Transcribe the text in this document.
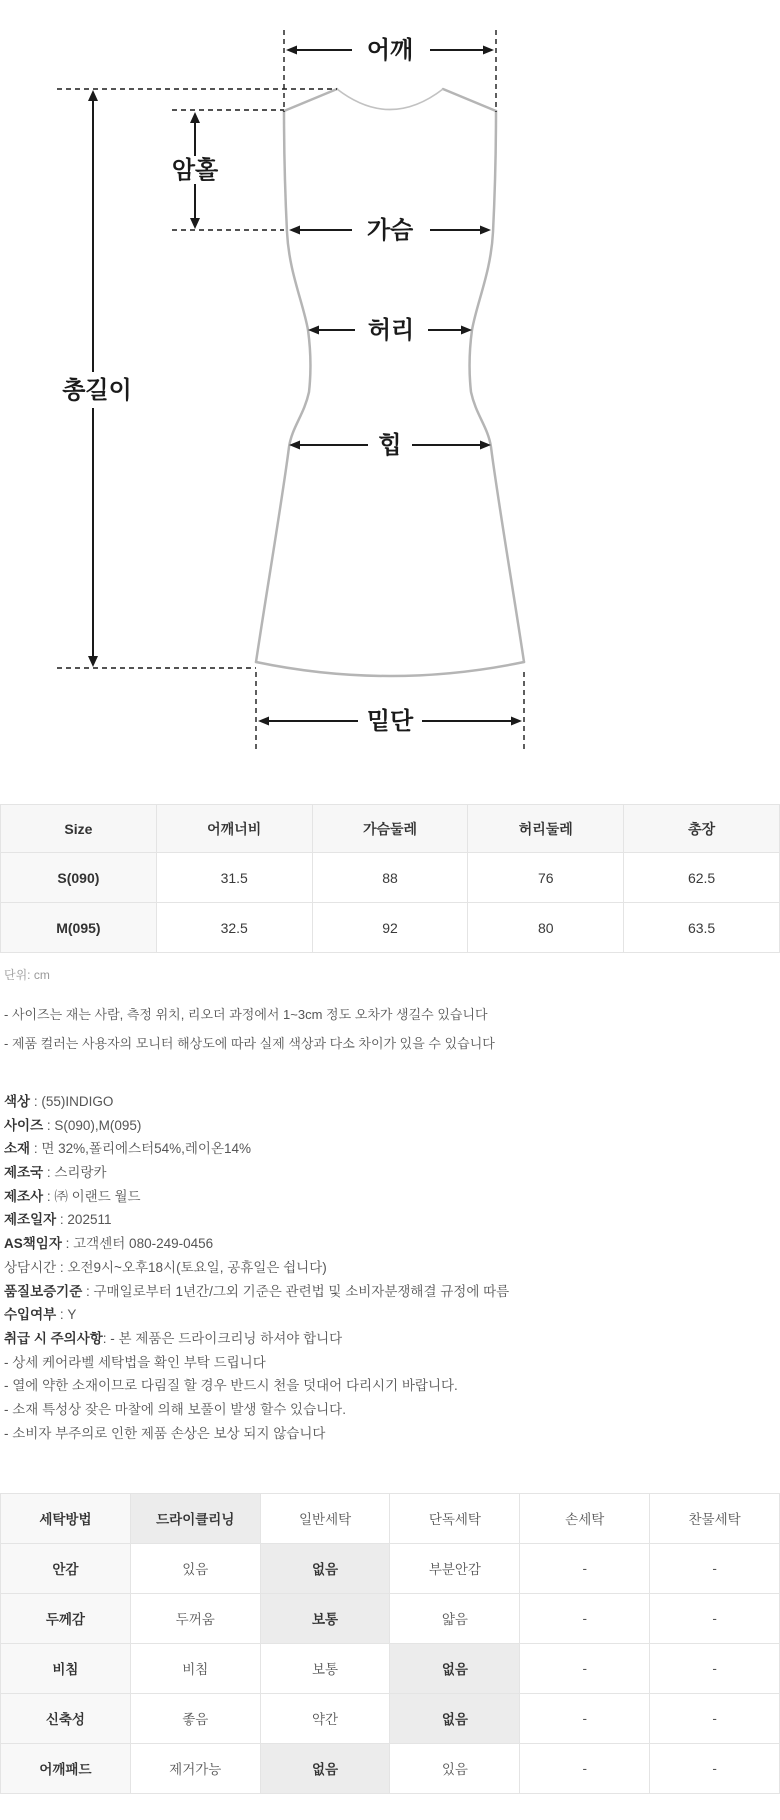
어깨
암홀
가슴
허리
힙
총길이
밑단
Size	어깨너비	가슴둘레	허리둘레	총장
S(090)	31.5	88	76	62.5
M(095)	32.5	92	80	63.5

단위: cm

- 사이즈는 재는 사람, 측정 위치, 리오더 과정에서 1~3cm 정도 오차가 생길수 있습니다

- 제품 컬러는 사용자의 모니터 해상도에 따라 실제 색상과 다소 차이가 있을 수 있습니다

색상 : (55)INDIGO

사이즈 : S(090),M(095)

소재 : 면 32%,폴리에스터54%,레이온14%

제조국 : 스리랑카

제조사 : ㈜ 이랜드 월드

제조일자 : 202511

AS책임자 : 고객센터 080-249-0456

상담시간 : 오전9시~오후18시(토요일, 공휴일은 쉽니다)

품질보증기준 : 구매일로부터 1년간/그외 기준은 관련법 및 소비자분쟁해결 규정에 따름

수입여부 : Y

취급 시 주의사항: - 본 제품은 드라이크리닝 하셔야 합니다

- 상세 케어라벨 세탁법을 확인 부탁 드립니다

- 열에 약한 소재이므로 다림질 할 경우 반드시 천을 덧대어 다리시기 바랍니다.

- 소재 특성상 잦은 마찰에 의해 보풀이 발생 할수 있습니다.

- 소비자 부주의로 인한 제품 손상은 보상 되지 않습니다

세탁방법	드라이클리닝	일반세탁	단독세탁	손세탁	찬물세탁
안감	있음	없음	부분안감	-	-
두께감	두꺼움	보통	얇음	-	-
비침	비침	보통	없음	-	-
신축성	좋음	약간	없음	-	-
어깨패드	제거가능	없음	있음	-	-
